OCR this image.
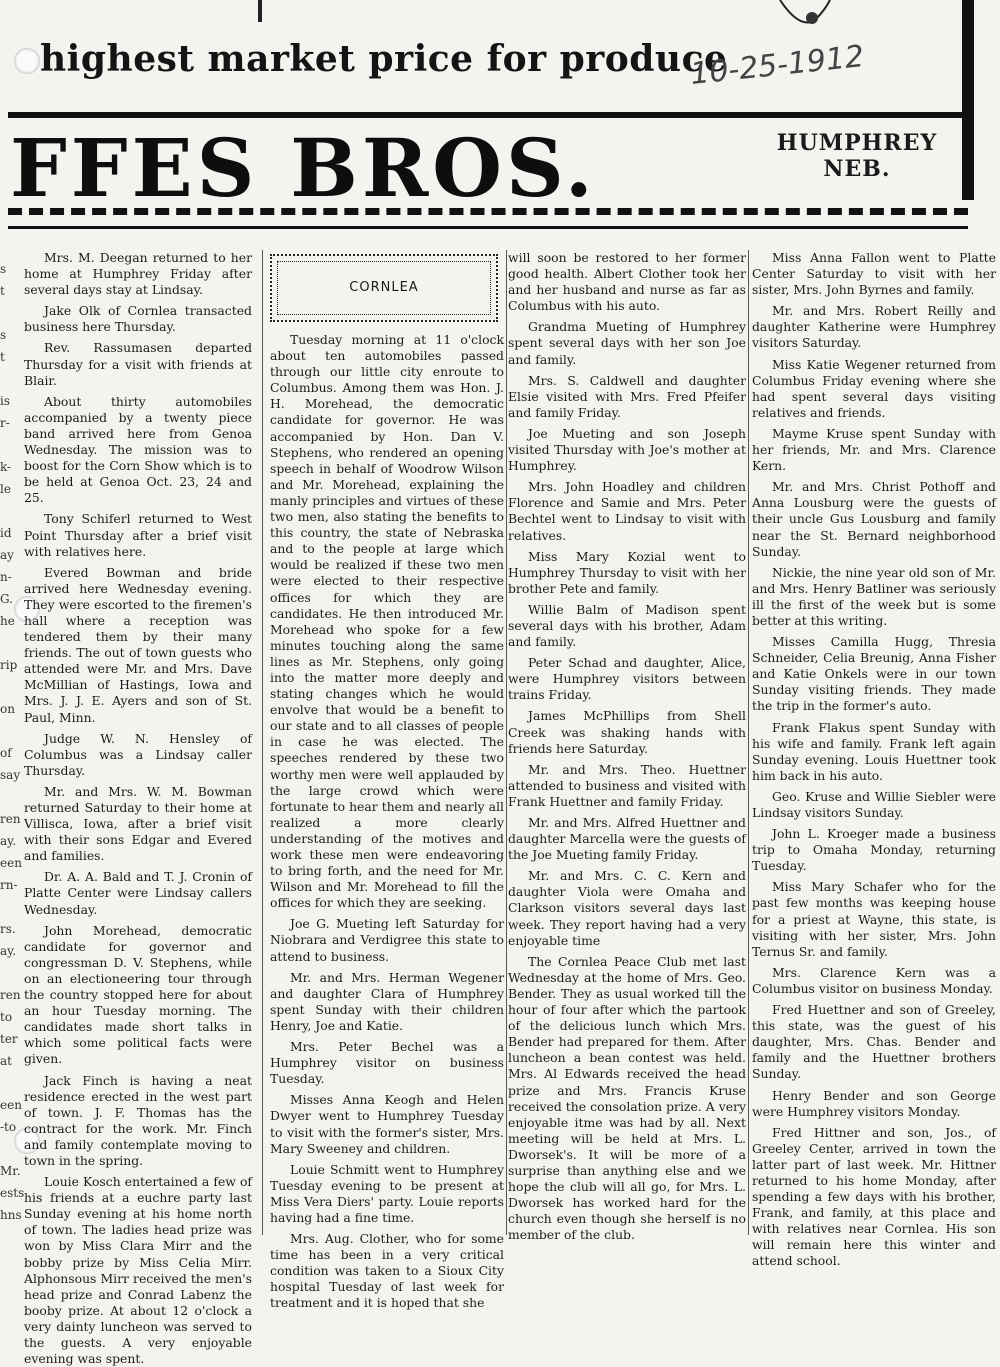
highest market price for produce
10-25-1912
FFES BROS.	HUMPHREY
NEB.
s
t

s
t

is
r-

k-
le

id
ay
n-
G.
he

rip

on

of
say

ren
ay.
een
rn-

rs.
ay.

ren
to
ter
at

een
-to

Mr.
ests
hns

Mrs. M. Deegan returned to her home at Humphrey Friday after several days stay at Lindsay.

Jake Olk of Cornlea transacted business here Thursday.

Rev. Rassumasen departed Thursday for a visit with friends at Blair.

About thirty automobiles accompanied by a twenty piece band arrived here from Genoa Wednesday. The mission was to boost for the Corn Show which is to be held at Genoa Oct. 23, 24 and 25.

Tony Schiferl returned to West Point Thursday after a brief visit with relatives here.

Evered Bowman and bride arrived here Wednesday evening. They were escorted to the firemen's hall where a reception was tendered them by their many friends. The out of town guests who attended were Mr. and Mrs. Dave McMillian of Hastings, Iowa and Mrs. J. J. E. Ayers and son of St. Paul, Minn.

Judge W. N. Hensley of Columbus was a Lindsay caller Thursday.

Mr. and Mrs. W. M. Bowman returned Saturday to their home at Villisca, Iowa, after a brief visit with their sons Edgar and Evered and families.

Dr. A. A. Bald and T. J. Cronin of Platte Center were Lindsay callers Wednesday.

John Morehead, democratic candidate for governor and congressman D. V. Stephens, while on an electioneering tour through the country stopped here for about an hour Tuesday morning. The candidates made short talks in which some political facts were given.

Jack Finch is having a neat residence erected in the west part of town. J. F. Thomas has the contract for the work. Mr. Finch and family contemplate moving to town in the spring.

Louie Kosch entertained a few of his friends at a euchre party last Sunday evening at his home north of town. The ladies head prize was won by Miss Clara Mirr and the bobby prize by Miss Celia Mirr. Alphonsous Mirr received the men's head prize and Conrad Labenz the booby prize. At about 12 o'clock a very dainty luncheon was served to the guests. A very enjoyable evening was spent.

CORNLEA

Tuesday morning at 11 o'clock about ten automobiles passed through our little city enroute to Columbus. Among them was Hon. J. H. Morehead, the democratic candidate for governor. He was accompanied by Hon. Dan V. Stephens, who rendered an opening speech in behalf of Woodrow Wilson and Mr. Morehead, explaining the manly principles and virtues of these two men, also stating the benefits to this country, the state of Nebraska and to the people at large which would be realized if these two men were elected to their respective offices for which they are candidates. He then introduced Mr. Morehead who spoke for a few minutes touching along the same lines as Mr. Stephens, only going into the matter more deeply and stating changes which he would envolve that would be a benefit to our state and to all classes of people in case he was elected. The speeches rendered by these two worthy men were well applauded by the large crowd which were fortunate to hear them and nearly all realized a more clearly understanding of the motives and work these men were endeavoring to bring forth, and the need for Mr. Wilson and Mr. Morehead to fill the offices for which they are seeking.

Joe G. Mueting left Saturday for Niobrara and Verdigree this state to attend to business.

Mr. and Mrs. Herman Wegener and daughter Clara of Humphrey spent Sunday with their children Henry, Joe and Katie.

Mrs. Peter Bechel was a Humphrey visitor on business Tuesday.

Misses Anna Keogh and Helen Dwyer went to Humphrey Tuesday to visit with the former's sister, Mrs. Mary Sweeney and children.

Louie Schmitt went to Humphrey Tuesday evening to be present at Miss Vera Diers' party. Louie reports having had a fine time.

Mrs. Aug. Clother, who for some time has been in a very critical condition was taken to a Sioux City hospital Tuesday of last week for treatment and it is hoped that she

will soon be restored to her former good health. Albert Clother took her and her husband and nurse as far as Columbus with his auto.

Grandma Mueting of Humphrey spent several days with her son Joe and family.

Mrs. S. Caldwell and daughter Elsie visited with Mrs. Fred Pfeifer and family Friday.

Joe Mueting and son Joseph visited Thursday with Joe's mother at Humphrey.

Mrs. John Hoadley and children Florence and Samie and Mrs. Peter Bechtel went to Lindsay to visit with relatives.

Miss Mary Kozial went to Humphrey Thursday to visit with her brother Pete and family.

Willie Balm of Madison spent several days with his brother, Adam and family.

Peter Schad and daughter, Alice, were Humphrey visitors between trains Friday.

James McPhillips from Shell Creek was shaking hands with friends here Saturday.

Mr. and Mrs. Theo. Huettner attended to business and visited with Frank Huettner and family Friday.

Mr. and Mrs. Alfred Huettner and daughter Marcella were the guests of the Joe Mueting family Friday.

Mr. and Mrs. C. C. Kern and daughter Viola were Omaha and Clarkson visitors several days last week. They report having had a very enjoyable time

The Cornlea Peace Club met last Wednesday at the home of Mrs. Geo. Bender. They as usual worked till the hour of four after which the partook of the delicious lunch which Mrs. Bender had prepared for them. After luncheon a bean contest was held. Mrs. Al Edwards received the head prize and Mrs. Francis Kruse received the consolation prize. A very enjoyable itme was had by all. Next meeting will be held at Mrs. L. Dworsek's. It will be more of a surprise than anything else and we hope the club will all go, for Mrs. L. Dworsek has worked hard for the church even though she herself is no member of the club.

Miss Anna Fallon went to Platte Center Saturday to visit with her sister, Mrs. John Byrnes and family.

Mr. and Mrs. Robert Reilly and daughter Katherine were Humphrey visitors Saturday.

Miss Katie Wegener returned from Columbus Friday evening where she had spent several days visiting relatives and friends.

Mayme Kruse spent Sunday with her friends, Mr. and Mrs. Clarence Kern.

Mr. and Mrs. Christ Pothoff and Anna Lousburg were the guests of their uncle Gus Lousburg and family near the St. Bernard neighborhood Sunday.

Nickie, the nine year old son of Mr. and Mrs. Henry Batliner was seriously ill the first of the week but is some better at this writing.

Misses Camilla Hugg, Thresia Schneider, Celia Breunig, Anna Fisher and Katie Onkels were in our town Sunday visiting friends. They made the trip in the former's auto.

Frank Flakus spent Sunday with his wife and family. Frank left again Sunday evening. Louis Huettner took him back in his auto.

Geo. Kruse and Willie Siebler were Lindsay visitors Sunday.

John L. Kroeger made a business trip to Omaha Monday, returning Tuesday.

Miss Mary Schafer who for the past few months was keeping house for a priest at Wayne, this state, is visiting with her sister, Mrs. John Ternus Sr. and family.

Mrs. Clarence Kern was a Columbus visitor on business Monday.

Fred Huettner and son of Greeley, this state, was the guest of his daughter, Mrs. Chas. Bender and family and the Huettner brothers Sunday.

Henry Bender and son George were Humphrey visitors Monday.

Fred Hittner and son, Jos., of Greeley Center, arrived in town the latter part of last week. Mr. Hittner returned to his home Monday, after spending a few days with his brother, Frank, and family, at this place and with relatives near Cornlea. His son will remain here this winter and attend school.
